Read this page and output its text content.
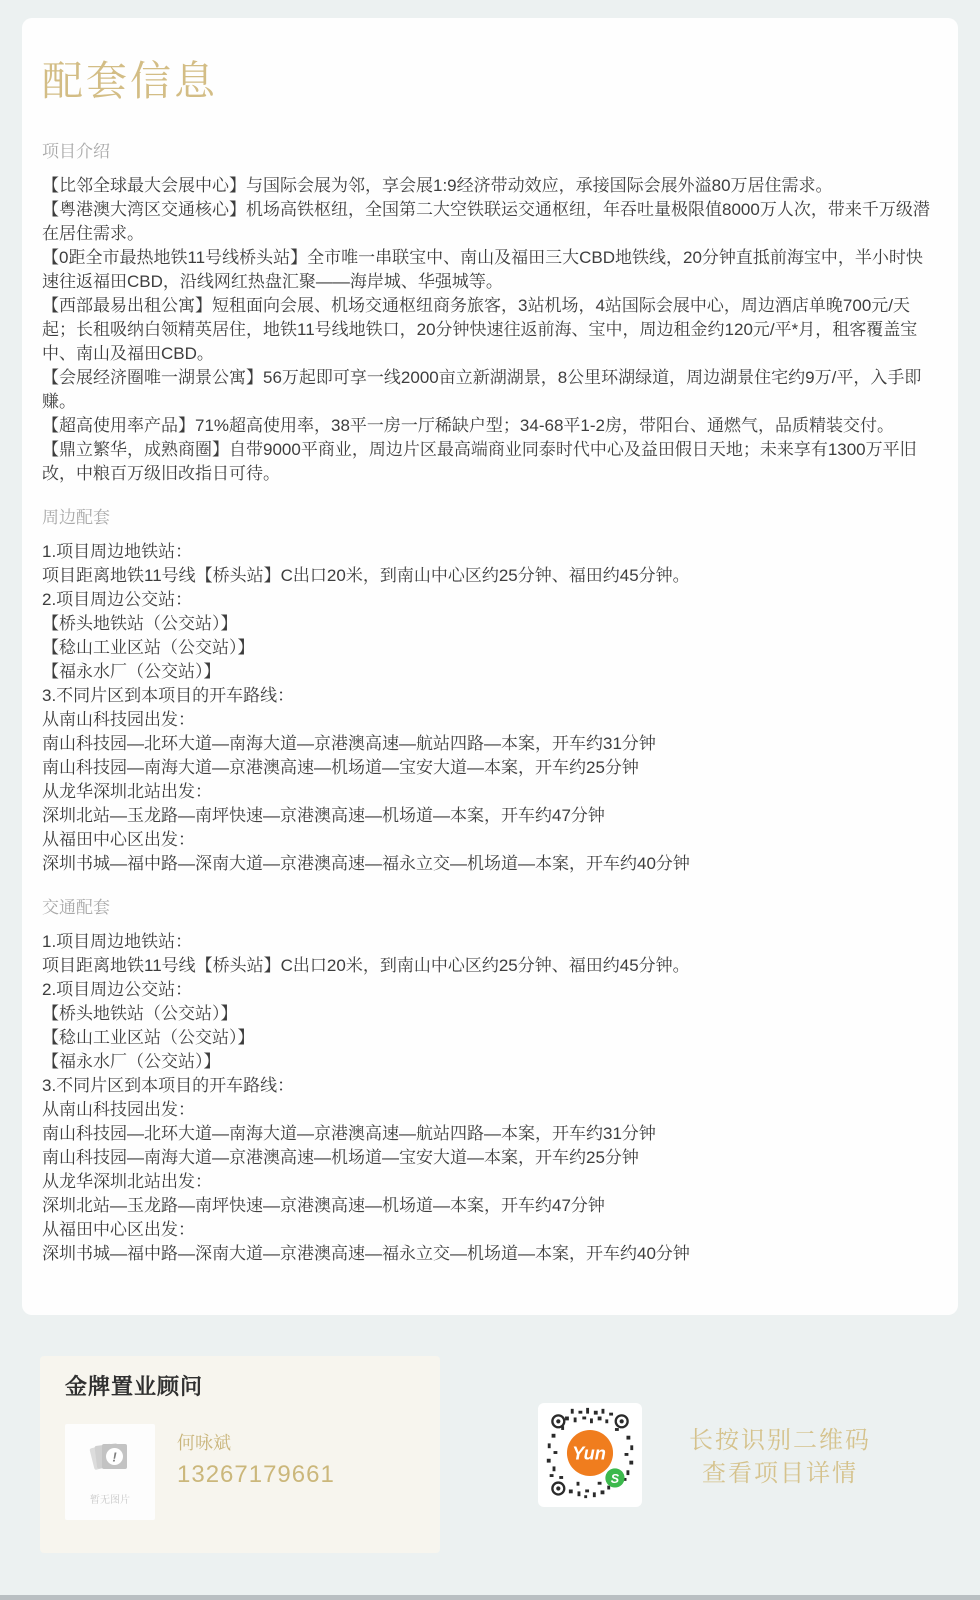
配套信息
项目介绍

【比邻全球最大会展中心】与国际会展为邻，享会展1:9经济带动效应，承接国际会展外溢80万居住需求。

【粤港澳大湾区交通核心】机场高铁枢纽，全国第二大空铁联运交通枢纽，年吞吐量极限值8000万人次，带来千万级潜在居住需求。

【0距全市最热地铁11号线桥头站】全市唯一串联宝中、南山及福田三大CBD地铁线，20分钟直抵前海宝中，半小时快速往返福田CBD，沿线网红热盘汇聚——海岸城、华强城等。

【西部最易出租公寓】短租面向会展、机场交通枢纽商务旅客，3站机场，4站国际会展中心，周边酒店单晚700元/天起；长租吸纳白领精英居住，地铁11号线地铁口，20分钟快速往返前海、宝中，周边租金约120元/平*月，租客覆盖宝中、南山及福田CBD。

【会展经济圈唯一湖景公寓】56万起即可享一线2000亩立新湖湖景，8公里环湖绿道，周边湖景住宅约9万/平，入手即赚。

【超高使用率产品】71%超高使用率，38平一房一厅稀缺户型；34-68平1-2房，带阳台、通燃气，品质精装交付。

【鼎立繁华，成熟商圈】自带9000平商业，周边片区最高端商业同泰时代中心及益田假日天地；未来享有1300万平旧改，中粮百万级旧改指日可待。

周边配套

1.项目周边地铁站：

项目距离地铁11号线【桥头站】C出口20米，到南山中心区约25分钟、福田约45分钟。

2.项目周边公交站：

【桥头地铁站（公交站）】

【稔山工业区站（公交站）】

【福永水厂（公交站）】

3.不同片区到本项目的开车路线：

从南山科技园出发：

南山科技园—北环大道—南海大道—京港澳高速—航站四路—本案，开车约31分钟

南山科技园—南海大道—京港澳高速—机场道—宝安大道—本案，开车约25分钟

从龙华深圳北站出发：

深圳北站—玉龙路—南坪快速—京港澳高速—机场道—本案，开车约47分钟

从福田中心区出发：

深圳书城—福中路—深南大道—京港澳高速—福永立交—机场道—本案，开车约40分钟

交通配套

1.项目周边地铁站：

项目距离地铁11号线【桥头站】C出口20米，到南山中心区约25分钟、福田约45分钟。

2.项目周边公交站：

【桥头地铁站（公交站）】

【稔山工业区站（公交站）】

【福永水厂（公交站）】

3.不同片区到本项目的开车路线：

从南山科技园出发：

南山科技园—北环大道—南海大道—京港澳高速—航站四路—本案，开车约31分钟

南山科技园—南海大道—京港澳高速—机场道—宝安大道—本案，开车约25分钟

从龙华深圳北站出发：

深圳北站—玉龙路—南坪快速—京港澳高速—机场道—本案，开车约47分钟

从福田中心区出发：

深圳书城—福中路—深南大道—京港澳高速—福永立交—机场道—本案，开车约40分钟

金牌置业顾问
!
暂无图片
何咏斌
13267179661
Yun
S
长按识别二维码
查看项目详情
